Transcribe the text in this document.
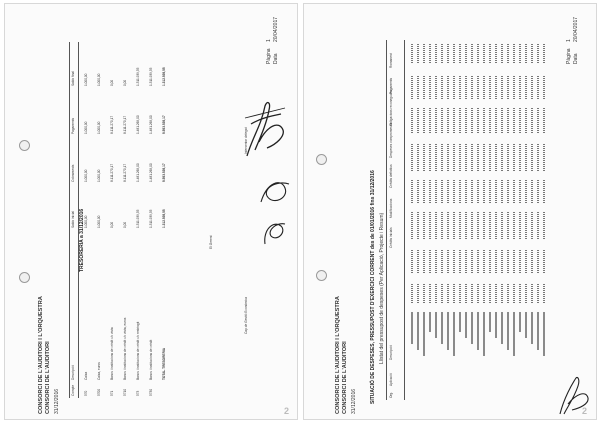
CONSORCI DE L'AUDITORI I L'ORQUESTRA CONSORCI DE L'AUDITORI 31/12/2016
Pàgina
1
Data
20/04/2017
TRESORERIA a 31/12/2016
Compte
Descripció
Saldo inicial
Cobraments
Pagaments
Saldo final
570
Caixa
1.000,00
1.000,00
1.000,00
1.000,00
5700
Caixa, euros
1.000,00
1.000,00
1.000,00
1.000,00
571
Bancs i institucions de crèdit c/c vista
0,00
8.111.270,17
8.111.270,17
0,00
5710
Bancs i institucions de crèdit c/c vista, euros
0,00
8.111.270,17
8.111.270,17
0,00
573
Bancs i institucions de crèdit c/c restringit
1.311.939,55
1.481.269,00
1.481.269,00
1.311.939,55
5730
Bancs i institucions de crèdit
1.311.939,55
1.481.269,00
1.481.269,00
1.311.939,55
TOTAL TRESORERIA
1.312.939,55
9.593.539,17
9.593.539,17
1.312.939,55
Cap de Gestió Econòmica
Interventor delegat
El Gerent
2	CONSORCI DE L'AUDITORI I L'ORQUESTRA CONSORCI DE L'AUDITORI 31/12/2016
Pàgina
1
Data
20/04/2017
SITUACIÓ DE DESPESES, PRESSUPOST D'EXERCICI CORRENT des de 01/01/2016 fins 31/12/2016 Llistat del pressupost de despeses (Per Aplicació, Projecte i Resum)
Org.
Aplicació
Descripció
Crèdits inicials
Modificacions
Crèdits definitius
Despeses compromeses
Obligacions reconegudes
Pagaments
Romanent
2
